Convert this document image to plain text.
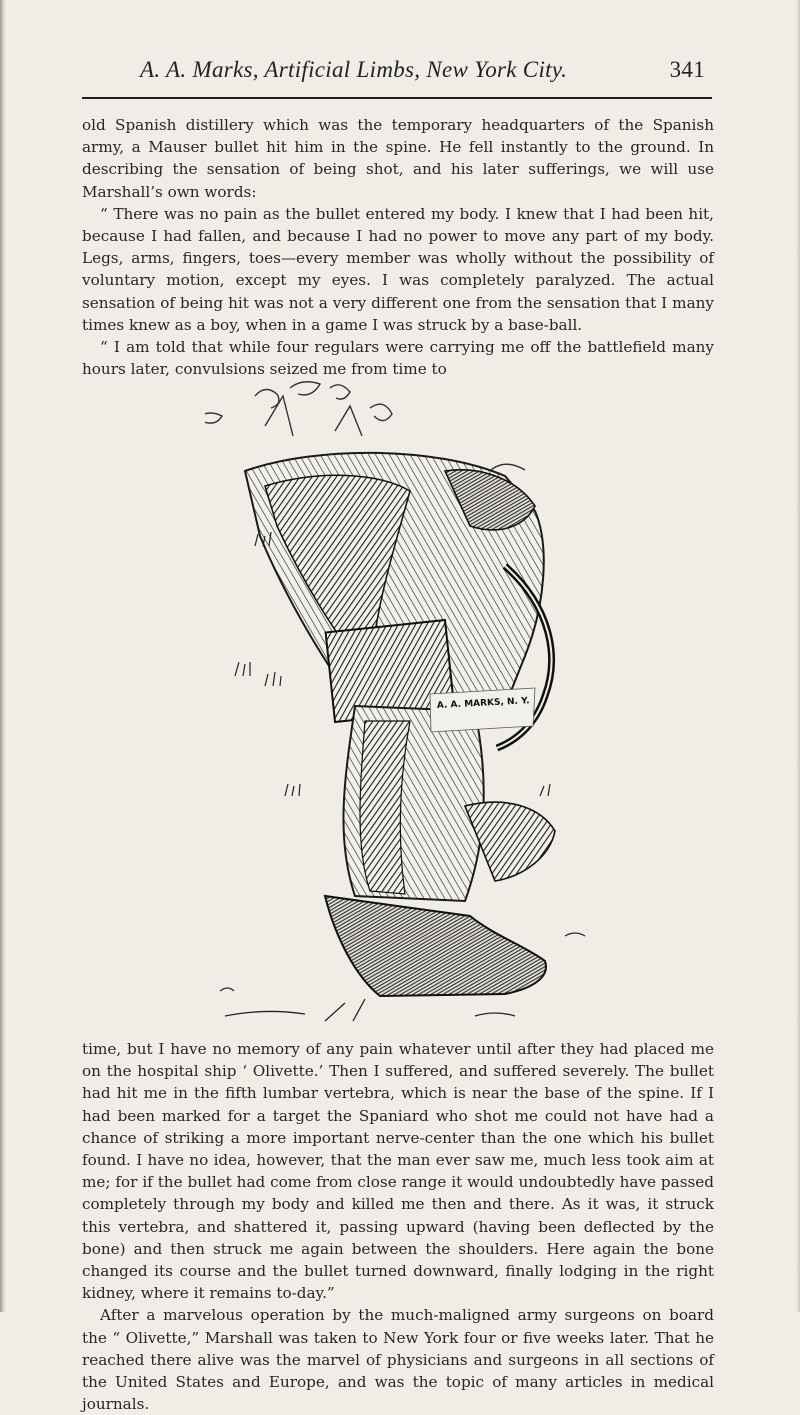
A. A. Marks, Artificial Limbs, New York City.	341

old Spanish distillery which was the temporary headquarters of the Spanish army, a Mauser bullet hit him in the spine. He fell instantly to the ground. In describing the sensation of being shot, and his later sufferings, we will use Marshall’s own words:

“ There was no pain as the bullet entered my body. I knew that I had been hit, because I had fallen, and because I had no power to move any part of my body. Legs, arms, fingers, toes—every member was wholly without the possibility of voluntary motion, except my eyes. I was completely paralyzed. The actual sensation of being hit was not a very different one from the sensation that I many times knew as a boy, when in a game I was struck by a base-ball.

“ I am told that while four regulars were carrying me off the battlefield many hours later, convulsions seized me from time to

A. A. MARKS, N. Y.

time, but I have no memory of any pain whatever until after they had placed me on the hospital ship ‘ Olivette.’ Then I suffered, and suffered severely. The bullet had hit me in the fifth lumbar vertebra, which is near the base of the spine. If I had been marked for a target the Spaniard who shot me could not have had a chance of striking a more important nerve-center than the one which his bullet found. I have no idea, however, that the man ever saw me, much less took aim at me; for if the bullet had come from close range it would undoubtedly have passed completely through my body and killed me then and there. As it was, it struck this vertebra, and shattered it, passing upward (having been deflected by the bone) and then struck me again between the shoulders. Here again the bone changed its course and the bullet turned downward, finally lodging in the right kidney, where it remains to-day.”

After a marvelous operation by the much-maligned army surgeons on board the “ Olivette,” Marshall was taken to New York four or five weeks later. That he reached there alive was the marvel of physicians and surgeons in all sections of the United States and Europe, and was the topic of many articles in medical journals.
